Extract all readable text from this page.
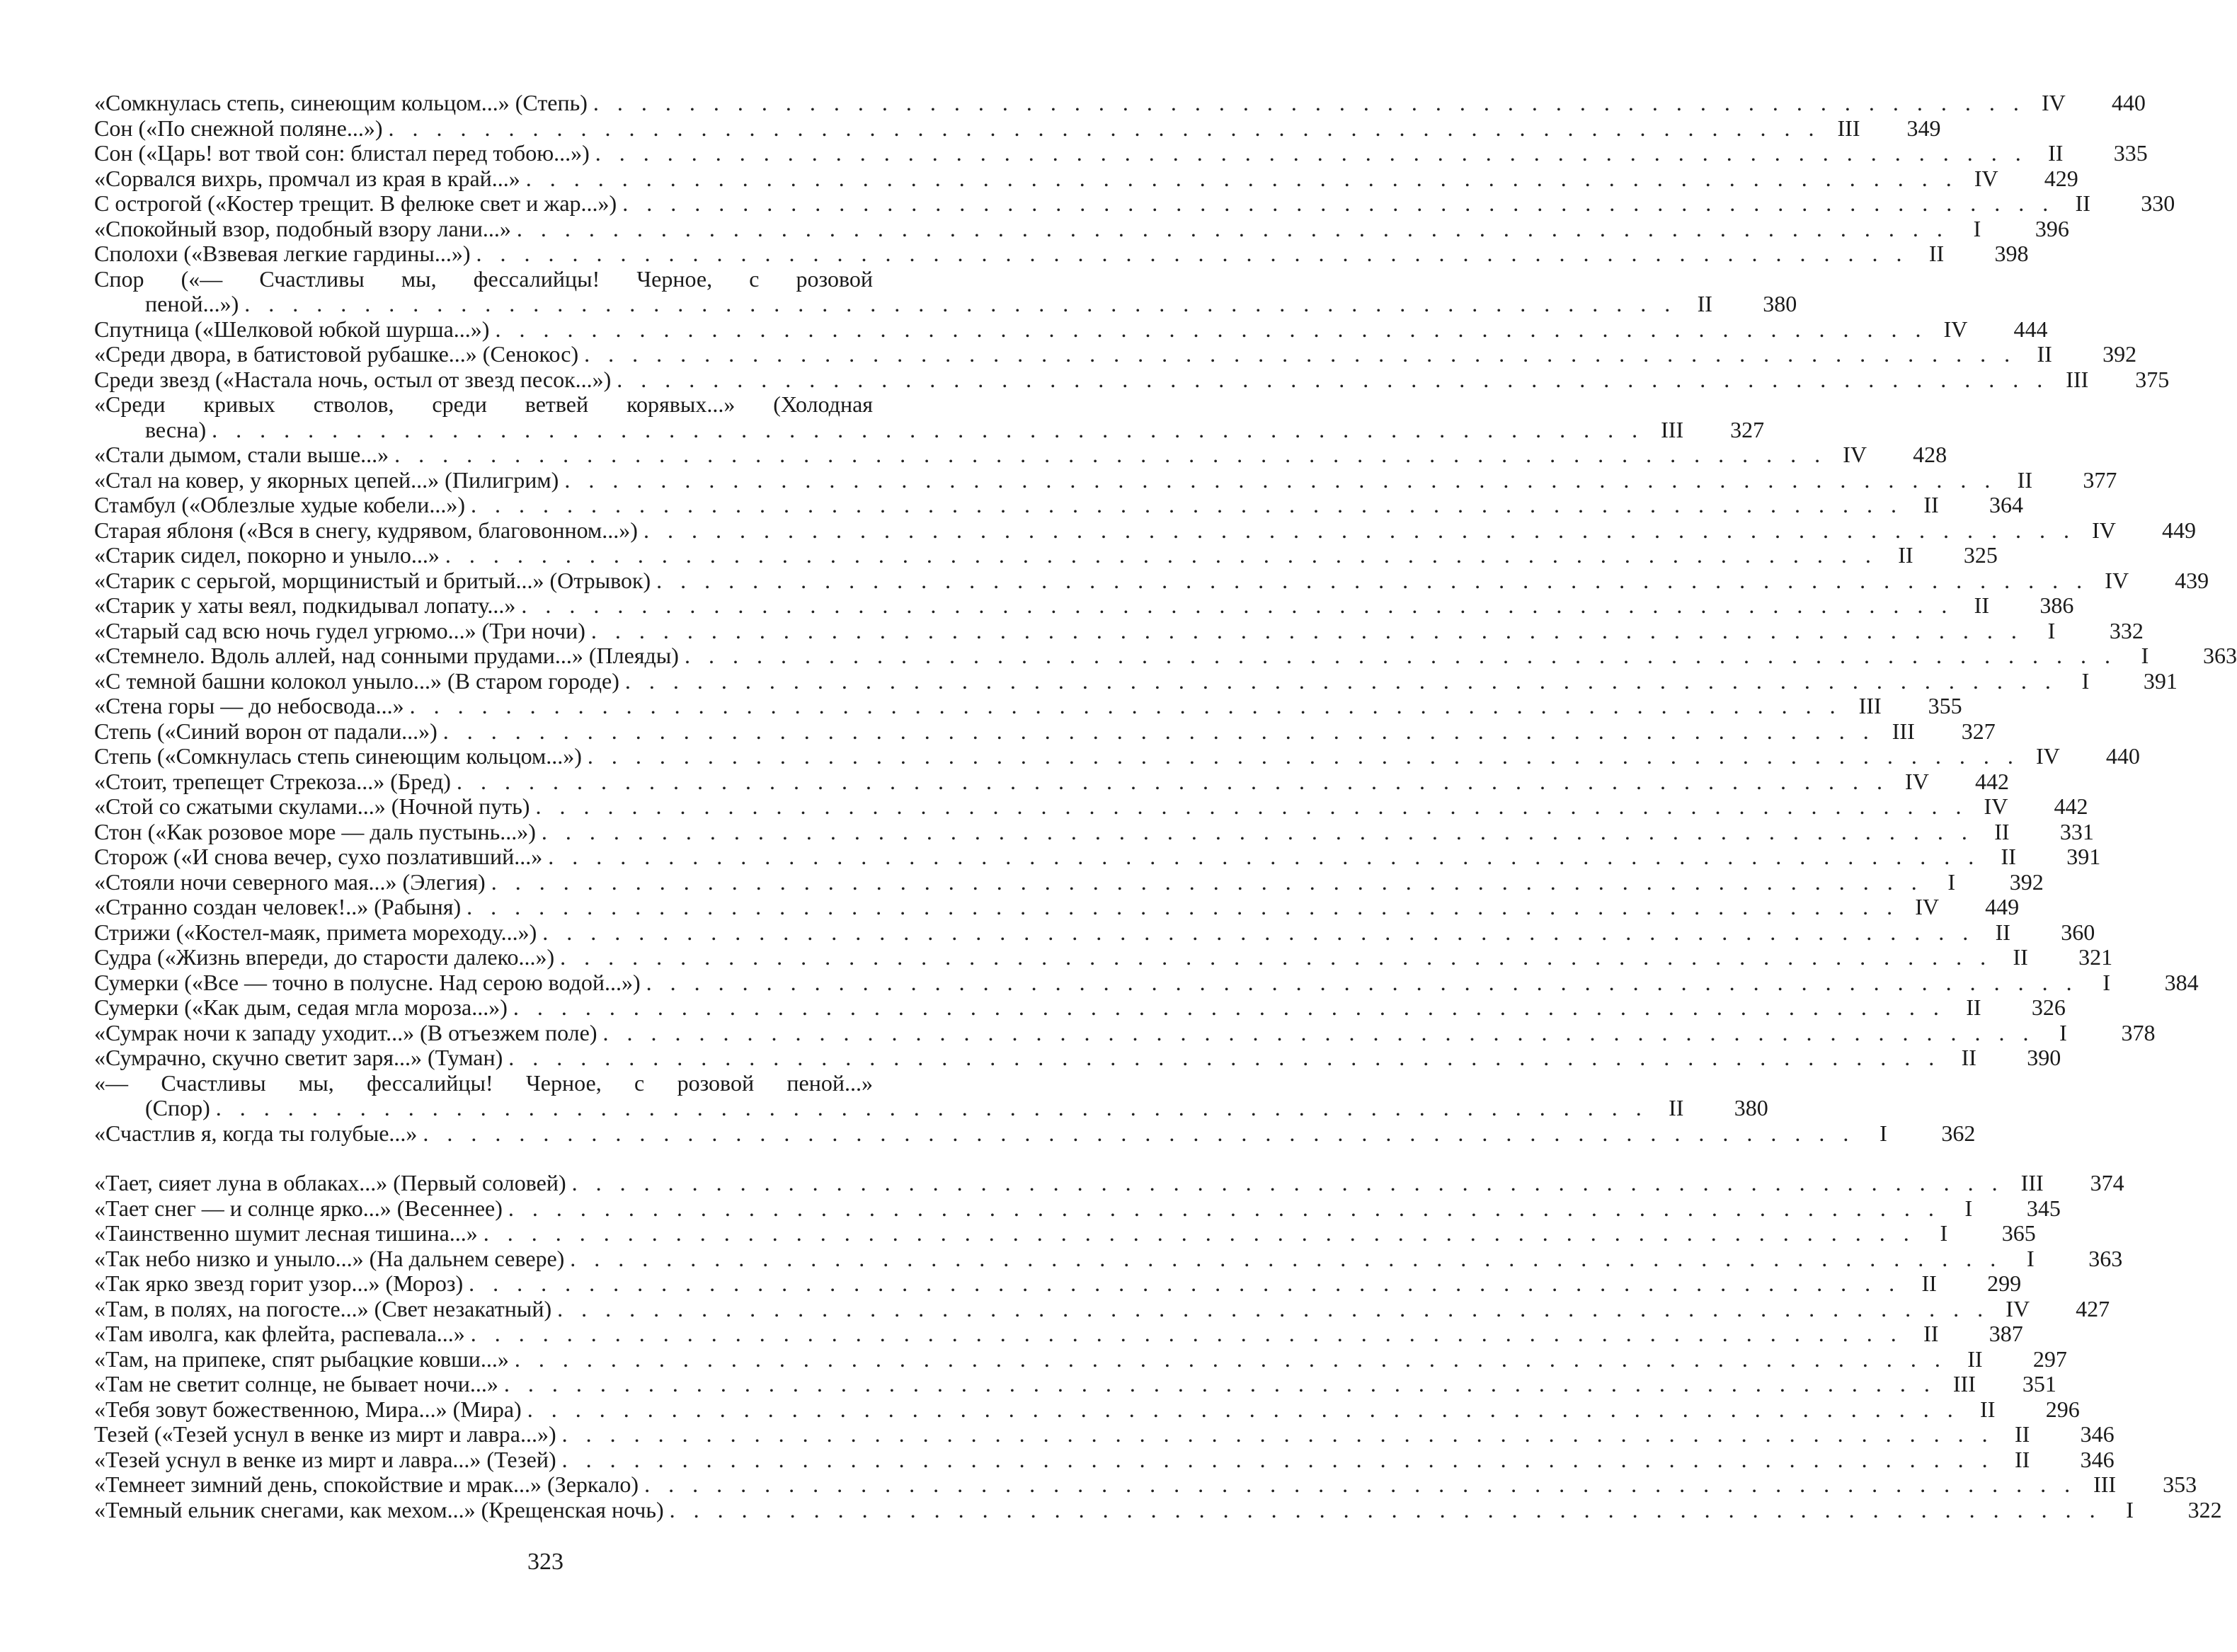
«Сомкнулась степь, синеющим кольцом...» (Степь) . . . . . . . . . . . . . . . . . . . . . . . . . . . . . . . . . . . . . . . . . . . . . . . . . . . . . . . . . . . . IV	440
Сон («По снежной поляне...») . . . . . . . . . . . . . . . . . . . . . . . . . . . . . . . . . . . . . . . . . . . . . . . . . . . . . . . . . . . . III	349
Сон («Царь! вот твой сон: блистал перед тобою...») . . . . . . . . . . . . . . . . . . . . . . . . . . . . . . . . . . . . . . . . . . . . . . . . . . . . . . . . . . . . II	335
«Сорвался вихрь, промчал из края в край...» . . . . . . . . . . . . . . . . . . . . . . . . . . . . . . . . . . . . . . . . . . . . . . . . . . . . . . . . . . . . IV	429
С острогой («Костер трещит. В фелюке свет и жар...») . . . . . . . . . . . . . . . . . . . . . . . . . . . . . . . . . . . . . . . . . . . . . . . . . . . . . . . . . . . . II	330
«Спокойный взор, подобный взору лани...» . . . . . . . . . . . . . . . . . . . . . . . . . . . . . . . . . . . . . . . . . . . . . . . . . . . . . . . . . . . .	I	396
Сполохи («Взвевая легкие гардины...») . . . . . . . . . . . . . . . . . . . . . . . . . . . . . . . . . . . . . . . . . . . . . . . . . . . . . . . . . . . . II	398
Спор («— Счастливы мы, фессалийцы! Черное, с розовой
пеной...») . . . . . . . . . . . . . . . . . . . . . . . . . . . . . . . . . . . . . . . . . . . . . . . . . . . . . . . . . . . . II	380
Спутница («Шелковой юбкой шурша...») . . . . . . . . . . . . . . . . . . . . . . . . . . . . . . . . . . . . . . . . . . . . . . . . . . . . . . . . . . . . IV	444
«Среди двора, в батистовой рубашке...» (Сенокос) . . . . . . . . . . . . . . . . . . . . . . . . . . . . . . . . . . . . . . . . . . . . . . . . . . . . . . . . . . . . II	392
Среди звезд («Настала ночь, остыл от звезд песок...») . . . . . . . . . . . . . . . . . . . . . . . . . . . . . . . . . . . . . . . . . . . . . . . . . . . . . . . . . . . . III	375
«Среди кривых стволов, среди ветвей корявых...» (Холодная
весна) . . . . . . . . . . . . . . . . . . . . . . . . . . . . . . . . . . . . . . . . . . . . . . . . . . . . . . . . . . . . III	327
«Стали дымом, стали выше...» . . . . . . . . . . . . . . . . . . . . . . . . . . . . . . . . . . . . . . . . . . . . . . . . . . . . . . . . . . . . IV	428
«Стал на ковер, у якорных цепей...» (Пилигрим) . . . . . . . . . . . . . . . . . . . . . . . . . . . . . . . . . . . . . . . . . . . . . . . . . . . . . . . . . . . . II	377
Стамбул («Облезлые худые кобели...») . . . . . . . . . . . . . . . . . . . . . . . . . . . . . . . . . . . . . . . . . . . . . . . . . . . . . . . . . . . . II	364
Старая яблоня («Вся в снегу, кудрявом, благовонном...») . . . . . . . . . . . . . . . . . . . . . . . . . . . . . . . . . . . . . . . . . . . . . . . . . . . . . . . . . . . . IV	449
«Старик сидел, покорно и уныло...» . . . . . . . . . . . . . . . . . . . . . . . . . . . . . . . . . . . . . . . . . . . . . . . . . . . . . . . . . . . . II	325
«Старик с серьгой, морщинистый и бритый...» (Отрывок) . . . . . . . . . . . . . . . . . . . . . . . . . . . . . . . . . . . . . . . . . . . . . . . . . . . . . . . . . . . . IV	439
«Старик у хаты веял, подкидывал лопату...» . . . . . . . . . . . . . . . . . . . . . . . . . . . . . . . . . . . . . . . . . . . . . . . . . . . . . . . . . . . . II	386
«Старый сад всю ночь гудел угрюмо...» (Три ночи) . . . . . . . . . . . . . . . . . . . . . . . . . . . . . . . . . . . . . . . . . . . . . . . . . . . . . . . . . . . .	I	332
«Стемнело. Вдоль аллей, над сонными прудами...» (Плеяды) . . . . . . . . . . . . . . . . . . . . . . . . . . . . . . . . . . . . . . . . . . . . . . . . . . . . . . . . . . . .	I	363
«С темной башни колокол уныло...» (В старом городе) . . . . . . . . . . . . . . . . . . . . . . . . . . . . . . . . . . . . . . . . . . . . . . . . . . . . . . . . . . . .	I	391
«Стена горы — до небосвода...» . . . . . . . . . . . . . . . . . . . . . . . . . . . . . . . . . . . . . . . . . . . . . . . . . . . . . . . . . . . . III	355
Степь («Синий ворон от падали...») . . . . . . . . . . . . . . . . . . . . . . . . . . . . . . . . . . . . . . . . . . . . . . . . . . . . . . . . . . . . III	327
Степь («Сомкнулась степь синеющим кольцом...») . . . . . . . . . . . . . . . . . . . . . . . . . . . . . . . . . . . . . . . . . . . . . . . . . . . . . . . . . . . . IV	440
«Стоит, трепещет Стрекоза...» (Бред) . . . . . . . . . . . . . . . . . . . . . . . . . . . . . . . . . . . . . . . . . . . . . . . . . . . . . . . . . . . . IV	442
«Стой со сжатыми скулами...» (Ночной путь) . . . . . . . . . . . . . . . . . . . . . . . . . . . . . . . . . . . . . . . . . . . . . . . . . . . . . . . . . . . . IV	442
Стон («Как розовое море — даль пустынь...») . . . . . . . . . . . . . . . . . . . . . . . . . . . . . . . . . . . . . . . . . . . . . . . . . . . . . . . . . . . . II	331
Сторож («И снова вечер, сухо позлативший...» . . . . . . . . . . . . . . . . . . . . . . . . . . . . . . . . . . . . . . . . . . . . . . . . . . . . . . . . . . . . II	391
«Стояли ночи северного мая...» (Элегия) . . . . . . . . . . . . . . . . . . . . . . . . . . . . . . . . . . . . . . . . . . . . . . . . . . . . . . . . . . . .	I	392
«Странно создан человек!..» (Рабыня) . . . . . . . . . . . . . . . . . . . . . . . . . . . . . . . . . . . . . . . . . . . . . . . . . . . . . . . . . . . . IV	449
Стрижи («Костел-маяк, примета мореходу...») . . . . . . . . . . . . . . . . . . . . . . . . . . . . . . . . . . . . . . . . . . . . . . . . . . . . . . . . . . . . II	360
Судра («Жизнь впереди, до старости далеко...») . . . . . . . . . . . . . . . . . . . . . . . . . . . . . . . . . . . . . . . . . . . . . . . . . . . . . . . . . . . . II	321
Сумерки («Все — точно в полусне. Над серою водой...») . . . . . . . . . . . . . . . . . . . . . . . . . . . . . . . . . . . . . . . . . . . . . . . . . . . . . . . . . . . .	I	384
Сумерки («Как дым, седая мгла мороза...») . . . . . . . . . . . . . . . . . . . . . . . . . . . . . . . . . . . . . . . . . . . . . . . . . . . . . . . . . . . . II	326
«Сумрак ночи к западу уходит...» (В отъезжем поле) . . . . . . . . . . . . . . . . . . . . . . . . . . . . . . . . . . . . . . . . . . . . . . . . . . . . . . . . . . . .	I	378
«Сумрачно, скучно светит заря...» (Туман) . . . . . . . . . . . . . . . . . . . . . . . . . . . . . . . . . . . . . . . . . . . . . . . . . . . . . . . . . . . . II	390
«— Счастливы мы, фессалийцы! Черное, с розовой пеной...»
(Спор) . . . . . . . . . . . . . . . . . . . . . . . . . . . . . . . . . . . . . . . . . . . . . . . . . . . . . . . . . . . . II	380
«Счастлив я, когда ты голубые...» . . . . . . . . . . . . . . . . . . . . . . . . . . . . . . . . . . . . . . . . . . . . . . . . . . . . . . . . . . . .	I	362
«Тает, сияет луна в облаках...» (Первый соловей) . . . . . . . . . . . . . . . . . . . . . . . . . . . . . . . . . . . . . . . . . . . . . . . . . . . . . . . . . . . . III	374
«Тает снег — и солнце ярко...» (Весеннее) . . . . . . . . . . . . . . . . . . . . . . . . . . . . . . . . . . . . . . . . . . . . . . . . . . . . . . . . . . . .	I	345
«Таинственно шумит лесная тишина...» . . . . . . . . . . . . . . . . . . . . . . . . . . . . . . . . . . . . . . . . . . . . . . . . . . . . . . . . . . . .	I	365
«Так небо низко и уныло...» (На дальнем севере) . . . . . . . . . . . . . . . . . . . . . . . . . . . . . . . . . . . . . . . . . . . . . . . . . . . . . . . . . . . .	I	363
«Так ярко звезд горит узор...» (Мороз) . . . . . . . . . . . . . . . . . . . . . . . . . . . . . . . . . . . . . . . . . . . . . . . . . . . . . . . . . . . . II	299
«Там, в полях, на погосте...» (Свет незакатный) . . . . . . . . . . . . . . . . . . . . . . . . . . . . . . . . . . . . . . . . . . . . . . . . . . . . . . . . . . . . IV	427
«Там иволга, как флейта, распевала...» . . . . . . . . . . . . . . . . . . . . . . . . . . . . . . . . . . . . . . . . . . . . . . . . . . . . . . . . . . . . II	387
«Там, на припеке, спят рыбацкие ковши...» . . . . . . . . . . . . . . . . . . . . . . . . . . . . . . . . . . . . . . . . . . . . . . . . . . . . . . . . . . . . II	297
«Там не светит солнце, не бывает ночи...» . . . . . . . . . . . . . . . . . . . . . . . . . . . . . . . . . . . . . . . . . . . . . . . . . . . . . . . . . . . . III	351
«Тебя зовут божественною, Мира...» (Мира) . . . . . . . . . . . . . . . . . . . . . . . . . . . . . . . . . . . . . . . . . . . . . . . . . . . . . . . . . . . . II	296
Тезей («Тезей уснул в венке из мирт и лавра...») . . . . . . . . . . . . . . . . . . . . . . . . . . . . . . . . . . . . . . . . . . . . . . . . . . . . . . . . . . . . II	346
«Тезей уснул в венке из мирт и лавра...» (Тезей) . . . . . . . . . . . . . . . . . . . . . . . . . . . . . . . . . . . . . . . . . . . . . . . . . . . . . . . . . . . . II	346
«Темнеет зимний день, спокойствие и мрак...» (Зеркало) . . . . . . . . . . . . . . . . . . . . . . . . . . . . . . . . . . . . . . . . . . . . . . . . . . . . . . . . . . . . III	353
«Темный ельник снегами, как мехом...» (Крещенская ночь) . . . . . . . . . . . . . . . . . . . . . . . . . . . . . . . . . . . . . . . . . . . . . . . . . . . . . . . . . . . .	I	322
323
